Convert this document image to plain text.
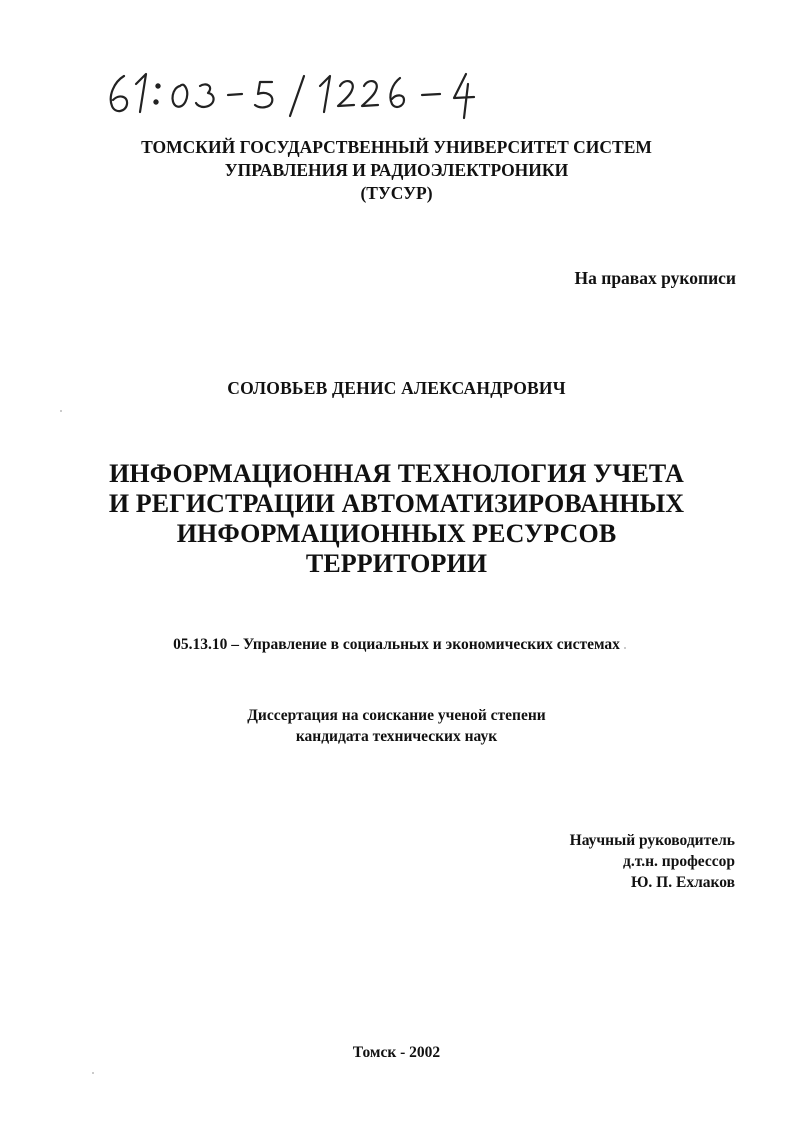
ТОМСКИЙ ГОСУДАРСТВЕННЫЙ УНИВЕРСИТЕТ СИСТЕМ
УПРАВЛЕНИЯ И РАДИОЭЛЕКТРОНИКИ
(ТУСУР)
На правах рукописи
СОЛОВЬЕВ ДЕНИС АЛЕКСАНДРОВИЧ
ИНФОРМАЦИОННАЯ ТЕХНОЛОГИЯ УЧЕТА
И РЕГИСТРАЦИИ АВТОМАТИЗИРОВАННЫХ
ИНФОРМАЦИОННЫХ РЕСУРСОВ
ТЕРРИТОРИИ
05.13.10 – Управление в социальных и экономических системах
Диссертация на соискание ученой степени
кандидата технических наук
Научный руководитель
д.т.н. профессор
Ю. П. Ехлаков
Томск - 2002
